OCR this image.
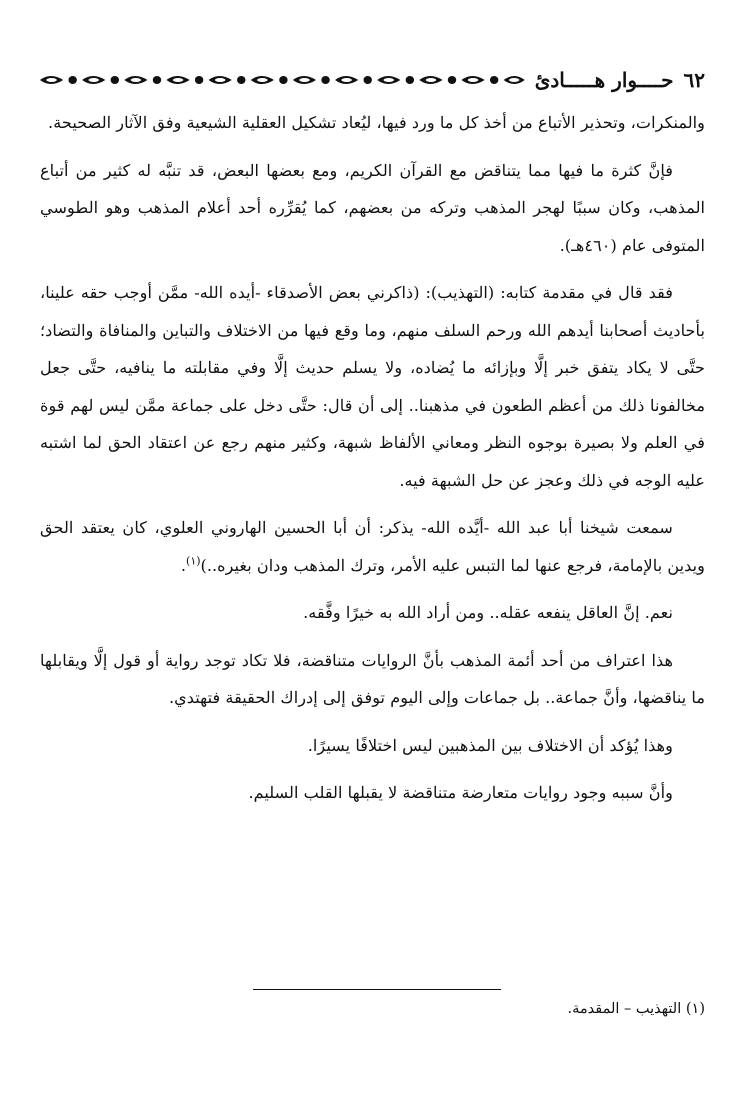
٦٢
حــــوار هـــــادئ

والمنكرات، وتحذير الأتباع من أخذ كل ما ورد فيها، ليُعاد تشكيل العقلية الشيعية وفق الآثار الصحيحة.

فإنَّ كثرة ما فيها مما يتناقض مع القرآن الكريم، ومع بعضها البعض، قد تنبَّه له كثير من أتباع المذهب، وكان سببًا لهجر المذهب وتركه من بعضهم، كما يُقرِّره أحد أعلام المذهب وهو الطوسي المتوفى عام (٤٦٠هـ).

فقد قال في مقدمة كتابه: (التهذيب): (ذاكرني بعض الأصدقاء -أيده الله- ممَّن أوجب حقه علينا، بأحاديث أصحابنا أيدهم الله ورحم السلف منهم، وما وقع فيها من الاختلاف والتباين والمنافاة والتضاد؛ حتَّى لا يكاد يتفق خبر إلَّا وبإزائه ما يُضاده، ولا يسلم حديث إلَّا وفي مقابلته ما ينافيه، حتَّى جعل مخالفونا ذلك من أعظم الطعون في مذهبنا.. إلى أن قال: حتَّى دخل على جماعة ممَّن ليس لهم قوة في العلم ولا بصيرة بوجوه النظر ومعاني الألفاظ شبهة، وكثير منهم رجع عن اعتقاد الحق لما اشتبه عليه الوجه في ذلك وعجز عن حل الشبهة فيه.

سمعت شيخنا أبا عبد الله -أيَّده الله- يذكر: أن أبا الحسين الهاروني العلوي، كان يعتقد الحق ويدين بالإمامة، فرجع عنها لما التبس عليه الأمر، وترك المذهب ودان بغيره..)$^{(١)}$.

نعم. إنَّ العاقل ينفعه عقله.. ومن أراد الله به خيرًا وفَّقه.

هذا اعتراف من أحد أئمة المذهب بأنَّ الروايات متناقضة، فلا تكاد توجد رواية أو قول إلَّا ويقابلها ما يناقضها، وأنَّ جماعة.. بل جماعات وإلى اليوم توفق إلى إدراك الحقيقة فتهتدي.

وهذا يُؤكد أن الاختلاف بين المذهبين ليس اختلافًا يسيرًا.

وأنَّ سببه وجود روايات متعارضة متناقضة لا يقبلها القلب السليم.

(١) التهذيب – المقدمة.
